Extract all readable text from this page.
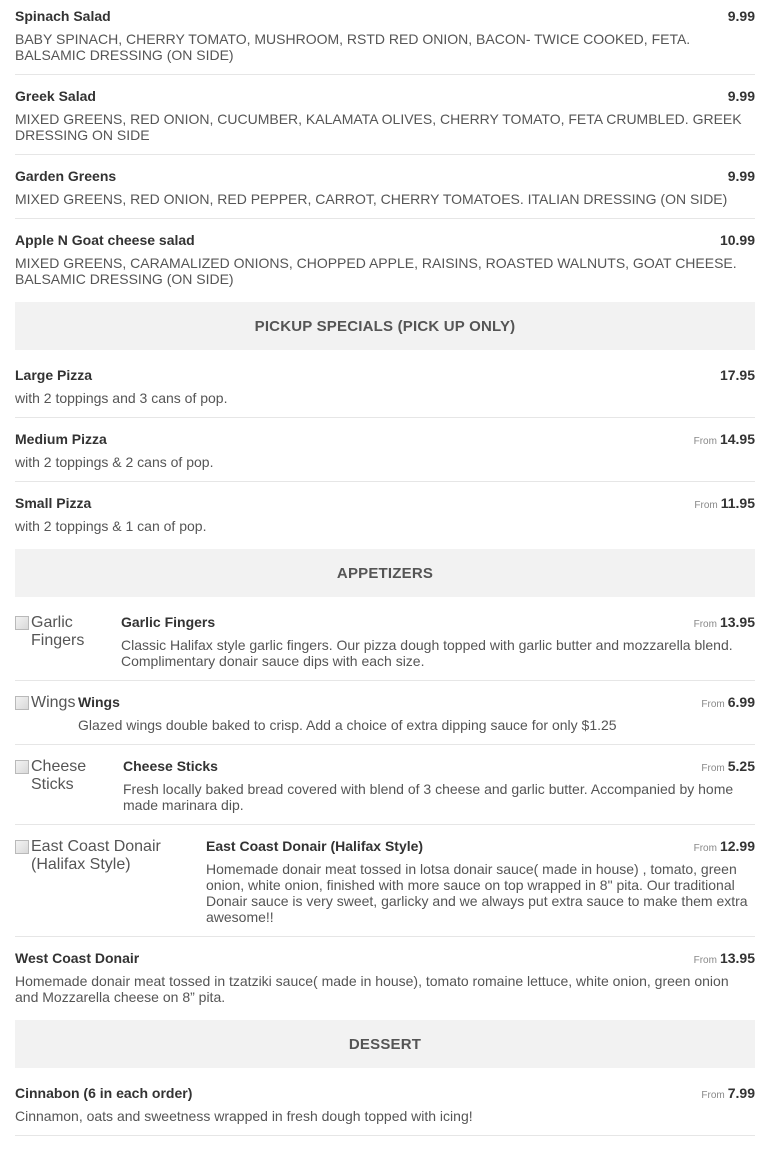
Spinach Salad	9.99
BABY SPINACH, CHERRY TOMATO, MUSHROOM, RSTD RED ONION, BACON- TWICE COOKED, FETA. BALSAMIC DRESSING (ON SIDE)
Greek Salad	9.99
MIXED GREENS, RED ONION, CUCUMBER, KALAMATA OLIVES, CHERRY TOMATO, FETA CRUMBLED. GREEK DRESSING ON SIDE
Garden Greens	9.99
MIXED GREENS, RED ONION, RED PEPPER, CARROT, CHERRY TOMATOES. ITALIAN DRESSING (ON SIDE)
Apple N Goat cheese salad	10.99
MIXED GREENS, CARAMALIZED ONIONS, CHOPPED APPLE, RAISINS, ROASTED WALNUTS, GOAT CHEESE. BALSAMIC DRESSING (ON SIDE)
PICKUP SPECIALS (PICK UP ONLY)
Large Pizza	17.95
with 2 toppings and 3 cans of pop.
Medium Pizza	From 14.95
with 2 toppings & 2 cans of pop.
Small Pizza	From 11.95
with 2 toppings & 1 can of pop.
APPETIZERS
Garlic Fingers
Garlic Fingers	From 13.95
Classic Halifax style garlic fingers. Our pizza dough topped with garlic butter and mozzarella blend. Complimentary donair sauce dips with each size.
Wings Wings	From 6.99
Glazed wings double baked to crisp. Add a choice of extra dipping sauce for only $1.25
Cheese Sticks
Cheese Sticks	From 5.25
Fresh locally baked bread covered with blend of 3 cheese and garlic butter. Accompanied by home made marinara dip.
East Coast Donair (Halifax Style)
East Coast Donair (Halifax Style)	From 12.99
Homemade donair meat tossed in lotsa donair sauce( made in house) , tomato, green onion, white onion, finished with more sauce on top wrapped in 8" pita. Our traditional Donair sauce is very sweet, garlicky and we always put extra sauce to make them extra awesome!!
West Coast Donair	From 13.95
Homemade donair meat tossed in tzatziki sauce( made in house), tomato romaine lettuce, white onion, green onion and Mozzarella cheese on 8” pita.
DESSERT
Cinnabon (6 in each order)	From 7.99
Cinnamon, oats and sweetness wrapped in fresh dough topped with icing!
